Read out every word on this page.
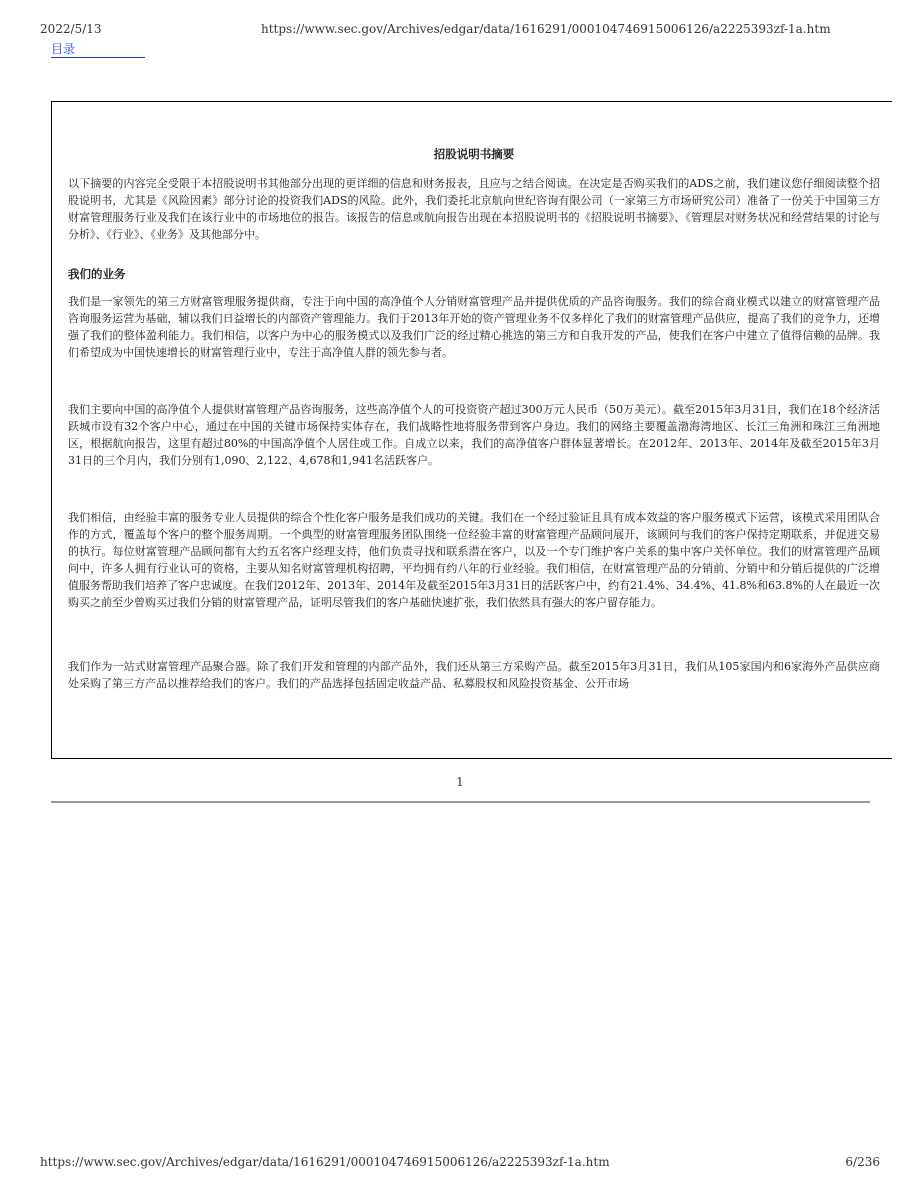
2022/5/13	https://www.sec.gov/Archives/edgar/data/1616291/000104746915006126/a2225393zf-1a.htm
目录
招股说明书摘要

以下摘要的内容完全受限于本招股说明书其他部分出现的更详细的信息和财务报表，且应与之结合阅读。在决定是否购买我们的ADS之前，我们建议您仔细阅读整个招股说明书，尤其是《风险因素》部分讨论的投资我们ADS的风险。此外，我们委托北京航向世纪咨询有限公司（一家第三方市场研究公司）准备了一份关于中国第三方财富管理服务行业及我们在该行业中的市场地位的报告。该报告的信息或航向报告出现在本招股说明书的《招股说明书摘要》、《管理层对财务状况和经营结果的讨论与分析》、《行业》、《业务》及其他部分中。

我们的业务

我们是一家领先的第三方财富管理服务提供商，专注于向中国的高净值个人分销财富管理产品并提供优质的产品咨询服务。我们的综合商业模式以建立的财富管理产品咨询服务运营为基础，辅以我们日益增长的内部资产管理能力。我们于2013年开始的资产管理业务不仅多样化了我们的财富管理产品供应，提高了我们的竞争力，还增强了我们的整体盈利能力。我们相信，以客户为中心的服务模式以及我们广泛的经过精心挑选的第三方和自我开发的产品，使我们在客户中建立了值得信赖的品牌。我们希望成为中国快速增长的财富管理行业中，专注于高净值人群的领先参与者。

我们主要向中国的高净值个人提供财富管理产品咨询服务，这些高净值个人的可投资资产超过300万元人民币（50万美元）。截至2015年3月31日，我们在18个经济活跃城市设有32个客户中心，通过在中国的关键市场保持实体存在，我们战略性地将服务带到客户身边。我们的网络主要覆盖渤海湾地区、长江三角洲和珠江三角洲地区，根据航向报告，这里有超过80%的中国高净值个人居住或工作。自成立以来，我们的高净值客户群体显著增长。在2012年、2013年、2014年及截至2015年3月31日的三个月内，我们分别有1,090、2,122、4,678和1,941名活跃客户。

我们相信，由经验丰富的服务专业人员提供的综合个性化客户服务是我们成功的关键。我们在一个经过验证且具有成本效益的客户服务模式下运营，该模式采用团队合作的方式，覆盖每个客户的整个服务周期。一个典型的财富管理服务团队围绕一位经验丰富的财富管理产品顾问展开，该顾问与我们的客户保持定期联系，并促进交易的执行。每位财富管理产品顾问都有大约五名客户经理支持，他们负责寻找和联系潜在客户，以及一个专门维护客户关系的集中客户关怀单位。我们的财富管理产品顾问中，许多人拥有行业认可的资格，主要从知名财富管理机构招聘，平均拥有约八年的行业经验。我们相信，在财富管理产品的分销前、分销中和分销后提供的广泛增值服务帮助我们培养了客户忠诚度。在我们2012年、2013年、2014年及截至2015年3月31日的活跃客户中，约有21.4%、34.4%、41.8%和63.8%的人在最近一次购买之前至少曾购买过我们分销的财富管理产品，证明尽管我们的客户基础快速扩张，我们依然具有强大的客户留存能力。

我们作为一站式财富管理产品聚合器。除了我们开发和管理的内部产品外，我们还从第三方采购产品。截至2015年3月31日，我们从105家国内和6家海外产品供应商处采购了第三方产品以推荐给我们的客户。我们的产品选择包括固定收益产品、私募股权和风险投资基金、公开市场

1
https://www.sec.gov/Archives/edgar/data/1616291/000104746915006126/a2225393zf-1a.htm	6/236
